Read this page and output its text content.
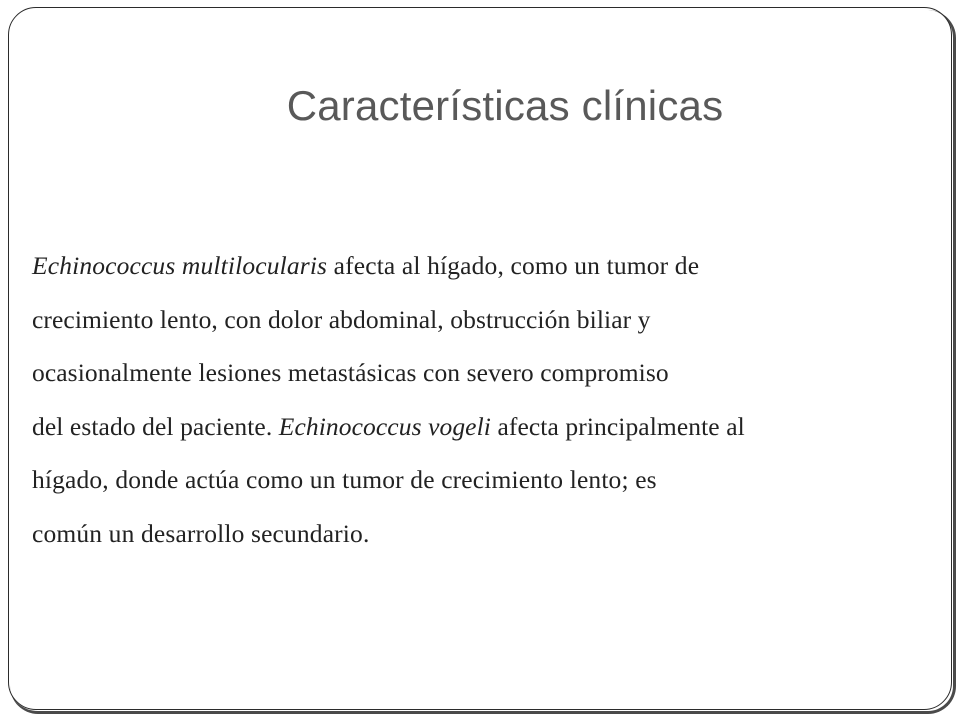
Características clínicas
Echinococcus multilocularis afecta al hígado, como un tumor de
crecimiento lento, con dolor abdominal, obstrucción biliar y
ocasionalmente lesiones metastásicas con severo compromiso
del estado del paciente. Echinococcus vogeli afecta principalmente al
hígado, donde actúa como un tumor de crecimiento lento; es
común un desarrollo secundario.
